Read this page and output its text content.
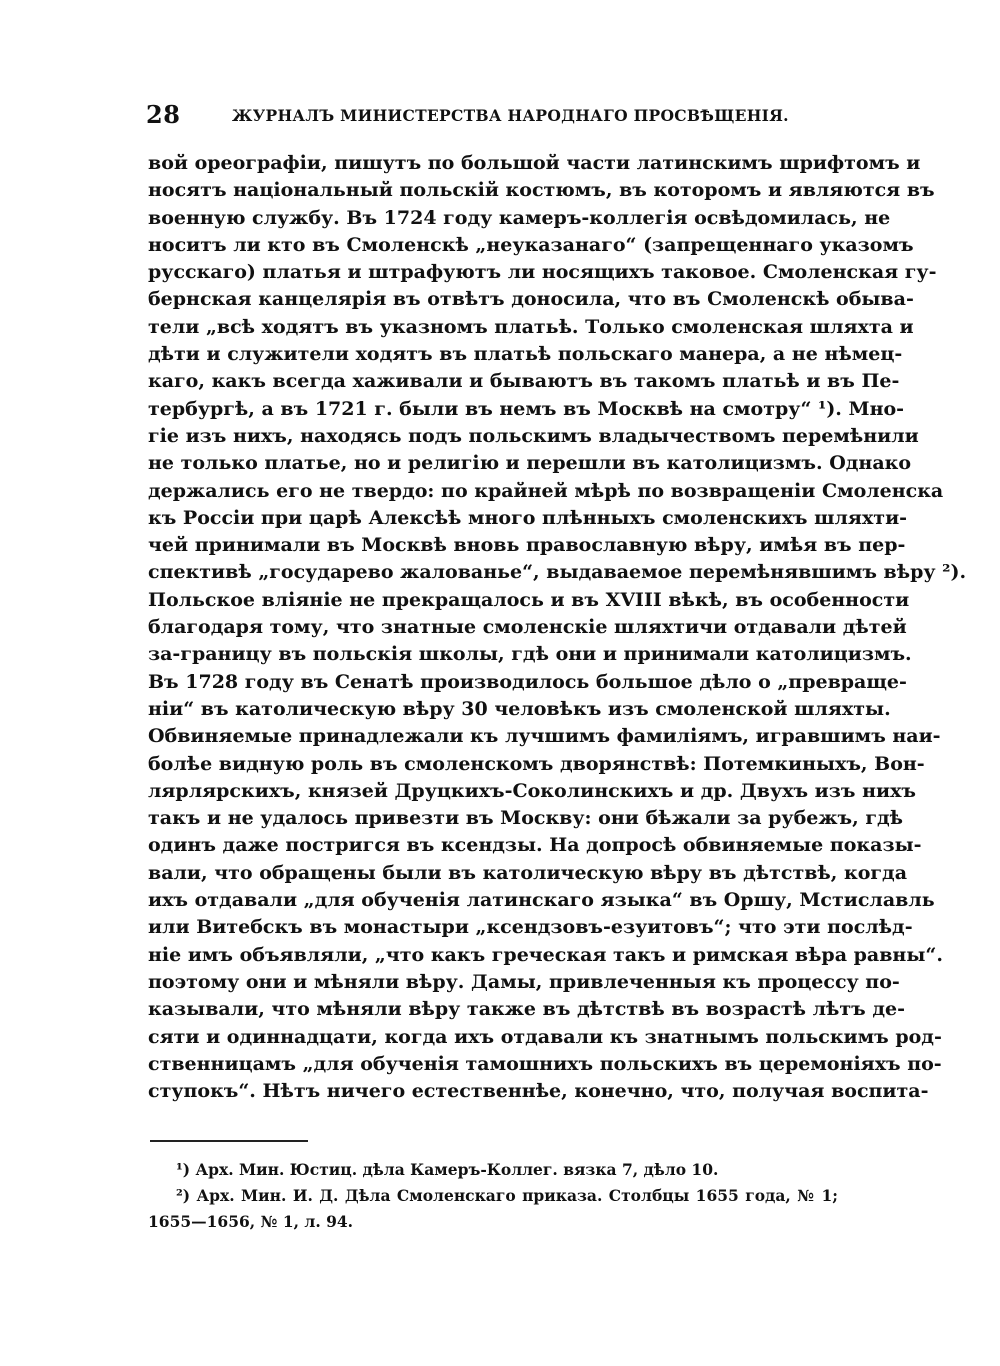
28	ЖУРНАЛЪ МИНИСТЕРСТВА НАРОДНАГО ПРОСВѢЩЕНІЯ.
вой ореографіи, пишутъ по большой части латинскимъ шрифтомъ и
носятъ національный польскій костюмъ, въ которомъ и являются въ
военную службу. Въ 1724 году камеръ-коллегія освѣдомилась, не
носитъ ли кто въ Смоленскѣ „неуказанаго“ (запрещеннаго указомъ
русскаго) платья и штрафуютъ ли носящихъ таковое. Смоленская гу-
бернская канцелярія въ отвѣтъ доносила, что въ Смоленскѣ обыва-
тели „всѣ ходятъ въ указномъ платьѣ. Только смоленская шляхта и
дѣти и служители ходятъ въ платьѣ польскаго манера, а не нѣмец-
каго, какъ всегда хаживали и бываютъ въ такомъ платьѣ и въ Пе-
тербургѣ, а въ 1721 г. были въ немъ въ Москвѣ на смотру“ ¹). Мно-
гіе изъ нихъ, находясь подъ польскимъ владычествомъ перемѣнили
не только платье, но и религію и перешли въ католицизмъ. Однако
держались его не твердо: по крайней мѣрѣ по возвращеніи Смоленска
къ Россіи при царѣ Алексѣѣ много плѣнныхъ смоленскихъ шляхти-
чей принимали въ Москвѣ вновь православную вѣру, имѣя въ пер-
спективѣ „государево жалованье“, выдаваемое перемѣнявшимъ вѣру ²).
Польское вліяніе не прекращалось и въ XVIII вѣкѣ, въ особенности
благодаря тому, что знатные смоленскіе шляхтичи отдавали дѣтей
за-границу въ польскія школы, гдѣ они и принимали католицизмъ.
Въ 1728 году въ Сенатѣ производилось большое дѣло о „превраще-
ніи“ въ католическую вѣру 30 человѣкъ изъ смоленской шляхты.
Обвиняемые принадлежали къ лучшимъ фамиліямъ, игравшимъ наи-
болѣе видную роль въ смоленскомъ дворянствѣ: Потемкиныхъ, Вон-
лярлярскихъ, князей Друцкихъ-Соколинскихъ и др. Двухъ изъ нихъ
такъ и не удалось привезти въ Москву: они бѣжали за рубежъ, гдѣ
одинъ даже постригся въ ксендзы. На допросѣ обвиняемые показы-
вали, что обращены были въ католическую вѣру въ дѣтствѣ, когда
ихъ отдавали „для обученія латинскаго языка“ въ Оршу, Мстиславль
или Витебскъ въ монастыри „ксендзовъ-езуитовъ“; что эти послѣд-
ніе имъ объявляли, „что какъ греческая такъ и римская вѣра равны“.
поэтому они и мѣняли вѣру. Дамы, привлеченныя къ процессу по-
казывали, что мѣняли вѣру также въ дѣтствѣ въ возрастѣ лѣтъ де-
сяти и одиннадцати, когда ихъ отдавали къ знатнымъ польскимъ род-
ственницамъ „для обученія тамошнихъ польскихъ въ церемоніяхъ по-
ступокъ“. Нѣтъ ничего естественнѣе, конечно, что, получая воспита-
¹) Арх. Мин. Юстиц. дѣла Камеръ-Коллег. вязка 7, дѣло 10.
²) Арх. Мин. И. Д. Дѣла Смоленскаго приказа. Столбцы 1655 года, № 1;
1655—1656, № 1, л. 94.
